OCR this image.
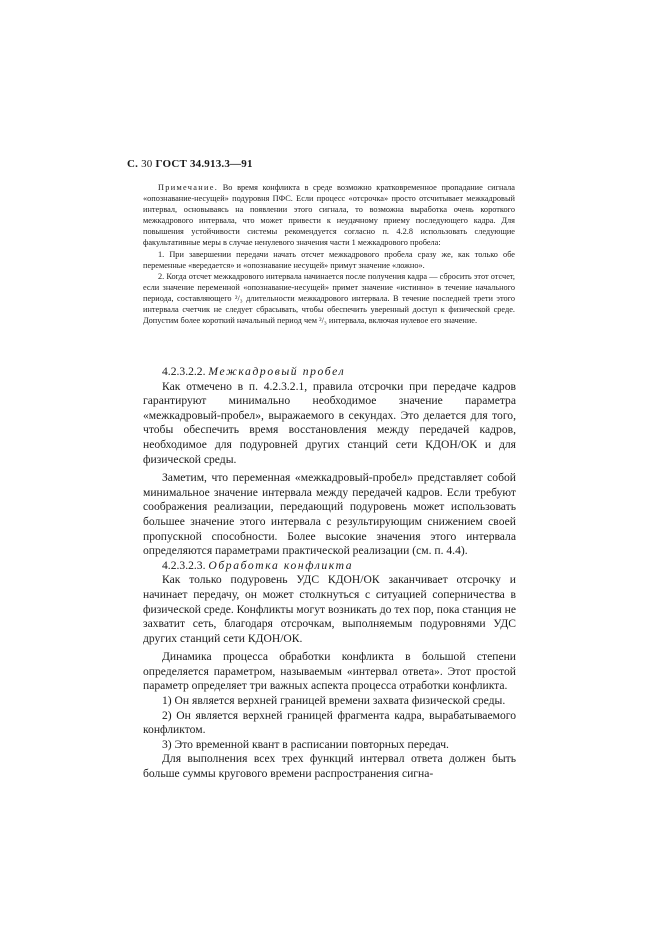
С. 30 ГОСТ 34.913.3—91

Примечание. Во время конфликта в среде возможно кратковременное пропадание сигнала «опознавание-несущей» подуровня ПФС. Если процесс «отсрочка» просто отсчитывает межкадровый интервал, основываясь на появлении этого сигнала, то возможна выработка очень короткого межкадрового интервала, что может привести к неудачному приему последующего кадра. Для повышения устойчивости системы рекомендуется согласно п. 4.2.8 использовать следующие факультативные меры в случае ненулевого значения части 1 межкадрового пробела:

1. При завершении передачи начать отсчет межкадрового пробела сразу же, как только обе переменные «вередается» и «опознавание несущей» примут значение «ложно».

2. Когда отсчет межкадрового интервала начинается после получения кадра — сбросить этот отсчет, если значение переменной «опознавание-несущей» примет значение «истинно» в течение начального периода, составляющего ²/₃ длительности межкадрового интервала. В течение последней трети этого интервала счетчик не следует сбрасывать, чтобы обеспечить уверенный доступ к физической среде. Допустим более короткий начальный период чем ²/₃ интервала, включая нулевое его значение.

4.2.3.2.2. Межкадровый пробел

Как отмечено в п. 4.2.3.2.1, правила отсрочки при передаче кадров гарантируют минимально необходимое значение параметра «межкадровый-пробел», выражаемого в секундах. Это делается для того, чтобы обеспечить время восстановления между передачей кадров, необходимое для подуровней других станций сети КДОН/ОК и для физической среды.

Заметим, что переменная «межкадровый-пробел» представляет собой минимальное значение интервала между передачей кадров. Если требуют соображения реализации, передающий подуровень может использовать большее значение этого интервала с результирующим снижением своей пропускной способности. Более высокие значения этого интервала определяются параметрами практической реализации (см. п. 4.4).

4.2.3.2.3. Обработка конфликта

Как только подуровень УДС КДОН/ОК заканчивает отсрочку и начинает передачу, он может столкнуться с ситуацией соперничества в физической среде. Конфликты могут возникать до тех пор, пока станция не захватит сеть, благодаря отсрочкам, выполняемым подуровнями УДС других станций сети КДОН/ОК.

Динамика процесса обработки конфликта в большой степени определяется параметром, называемым «интервал ответа». Этот простой параметр определяет три важных аспекта процесса отработки конфликта.

1) Он является верхней границей времени захвата физической среды.

2) Он является верхней границей фрагмента кадра, вырабатываемого конфликтом.

3) Это временной квант в расписании повторных передач.

Для выполнения всех трех функций интервал ответа должен быть больше суммы кругового времени распространения сигна-
